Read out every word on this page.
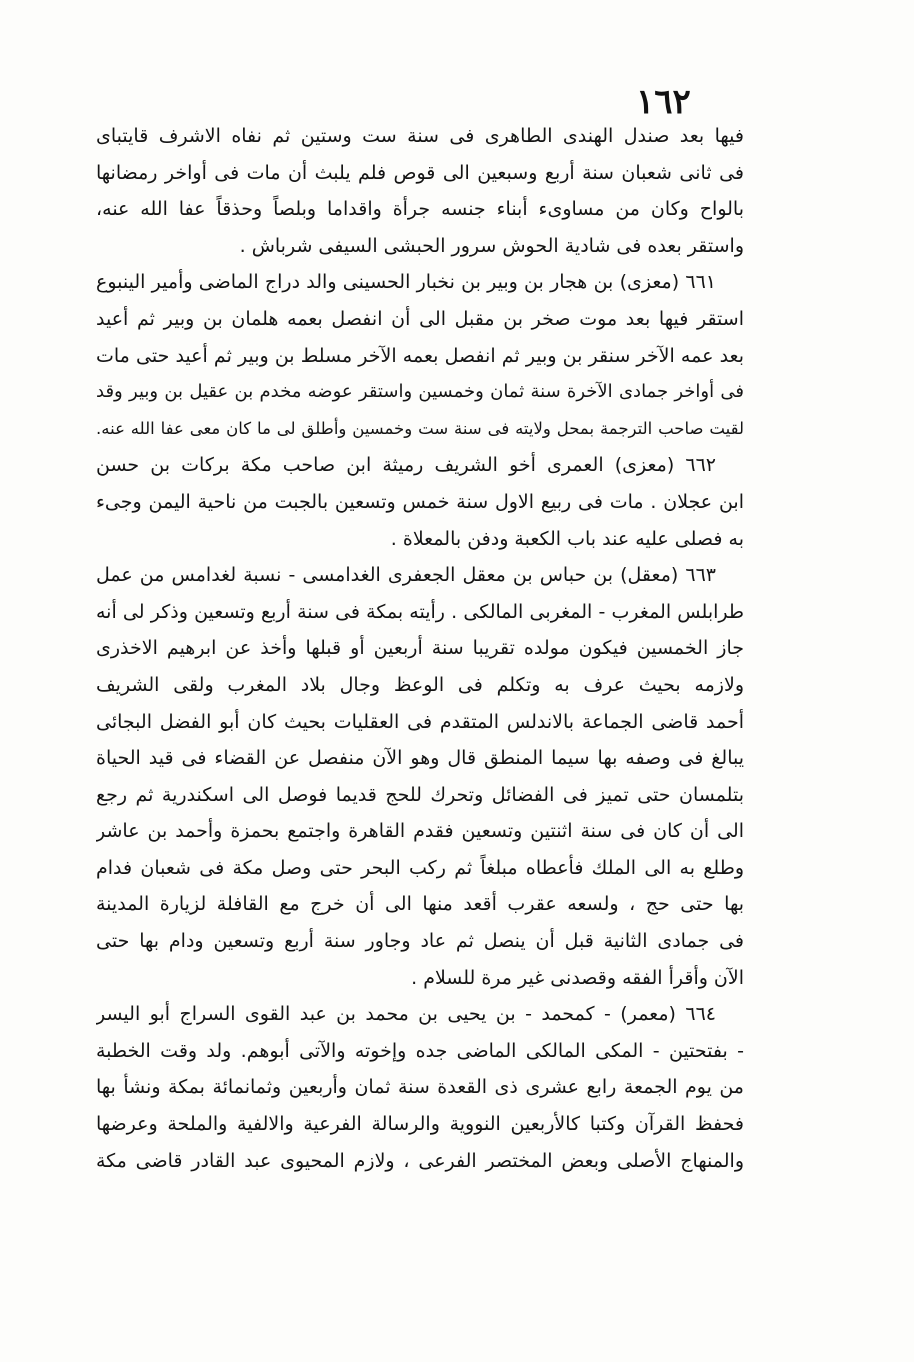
١٦٢
فيها بعد صندل الهندى الطاهرى فى سنة ست وستين ثم نفاه الاشرف قايتباى
فى ثانى شعبان سنة أربع وسبعين الى قوص فلم يلبث أن مات فى أواخر رمضانها
بالواح وكان من مساوىء أبناء جنسه جرأة واقداما وبلصاً وحذقاً عفا الله عنه،
واستقر بعده فى شادية الحوش سرور الحبشى السيفى شرباش .
٦٦١ (معزى) بن هجار بن وبير بن نخبار الحسينى والد دراج الماضى وأمير الينبوع
استقر فيها بعد موت صخر بن مقبل الى أن انفصل بعمه هلمان بن وبير ثم أعيد
بعد عمه الآخر سنقر بن وبير ثم انفصل بعمه الآخر مسلط بن وبير ثم أعيد حتى مات
فى أواخر جمادى الآخرة سنة ثمان وخمسين واستقر عوضه مخدم بن عقيل بن وبير وقد
لقيت صاحب الترجمة بمحل ولايته فى سنة ست وخمسين وأطلق لى ما كان معى عفا الله عنه.
٦٦٢ (معزى) العمرى أخو الشريف رميثة ابن صاحب مكة بركات بن حسن
ابن عجلان . مات فى ربيع الاول سنة خمس وتسعين بالجبت من ناحية اليمن وجىء
به فصلى عليه عند باب الكعبة ودفن بالمعلاة .
٦٦٣ (معقل) بن حباس بن معقل الجعفرى الغدامسى - نسبة لغدامس من عمل
طرابلس المغرب - المغربى المالكى . رأيته بمكة فى سنة أربع وتسعين وذكر لى أنه
جاز الخمسين فيكون مولده تقريبا سنة أربعين أو قبلها وأخذ عن ابرهيم الاخذرى
ولازمه بحيث عرف به وتكلم فى الوعظ وجال بلاد المغرب ولقى الشريف
أحمد قاضى الجماعة بالاندلس المتقدم فى العقليات بحيث كان أبو الفضل البجائى
يبالغ فى وصفه بها سيما المنطق قال وهو الآن منفصل عن القضاء فى قيد الحياة
بتلمسان حتى تميز فى الفضائل وتحرك للحج قديما فوصل الى اسكندرية ثم رجع
الى أن كان فى سنة اثنتين وتسعين فقدم القاهرة واجتمع بحمزة وأحمد بن عاشر
وطلع به الى الملك فأعطاه مبلغاً ثم ركب البحر حتى وصل مكة فى شعبان فدام
بها حتى حج ، ولسعه عقرب أقعد منها الى أن خرج مع القافلة لزيارة المدينة
فى جمادى الثانية قبل أن ينصل ثم عاد وجاور سنة أربع وتسعين ودام بها حتى
الآن وأقرأ الفقه وقصدنى غير مرة للسلام .
٦٦٤ (معمر) - كمحمد - بن يحيى بن محمد بن عبد القوى السراج أبو اليسر
- بفتحتين - المكى المالكى الماضى جده وإخوته والآتى أبوهم. ولد وقت الخطبة
من يوم الجمعة رابع عشرى ذى القعدة سنة ثمان وأربعين وثمانمائة بمكة ونشأ بها
فحفظ القرآن وكتبا كالأربعين النووية والرسالة الفرعية والالفية والملحة وعرضها
والمنهاج الأصلى وبعض المختصر الفرعى ، ولازم المحيوى عبد القادر قاضى مكة
